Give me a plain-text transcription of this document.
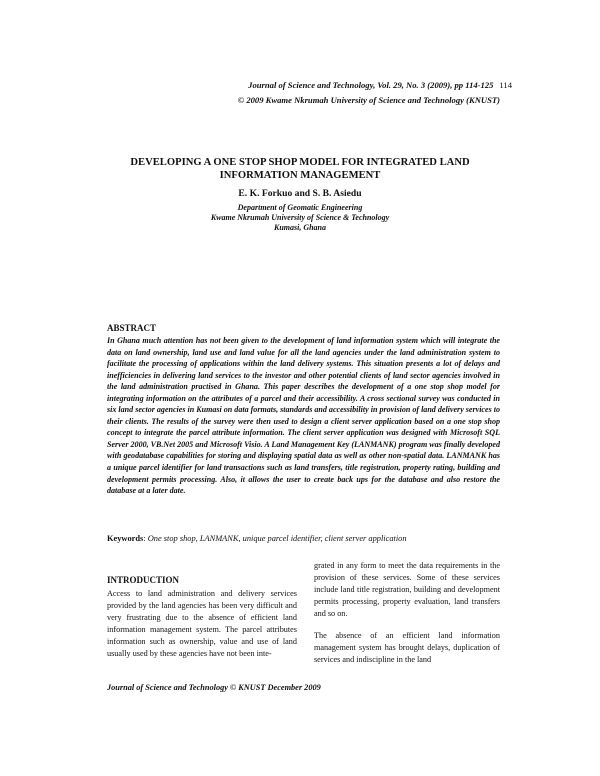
Journal of Science and Technology, Vol. 29, No. 3 (2009), pp 114-125 114
© 2009 Kwame Nkrumah University of Science and Technology (KNUST)
DEVELOPING A ONE STOP SHOP MODEL FOR INTEGRATED LAND INFORMATION MANAGEMENT
E. K. Forkuo and S. B. Asiedu
Department of Geomatic Engineering
Kwame Nkrumah University of Science & Technology
Kumasi, Ghana
ABSTRACT
In Ghana much attention has not been given to the development of land information system which will integrate the data on land ownership, land use and land value for all the land agencies under the land administration system to facilitate the processing of applications within the land delivery systems. This situation presents a lot of delays and inefficiencies in delivering land services to the investor and other potential clients of land sector agencies involved in the land administration practised in Ghana. This paper describes the development of a one stop shop model for integrating information on the attributes of a parcel and their accessibility. A cross sectional survey was conducted in six land sector agencies in Kumasi on data formats, standards and accessibility in provision of land delivery services to their clients. The results of the survey were then used to design a client server application based on a one stop shop concept to integrate the parcel attribute information. The client server application was designed with Microsoft SQL Server 2000, VB.Net 2005 and Microsoft Visio. A Land Management Key (LANMANK) program was finally developed with geodatabase capabilities for storing and displaying spatial data as well as other non-spatial data. LANMANK has a unique parcel identifier for land transactions such as land transfers, title registration, property rating, building and development permits processing. Also, it allows the user to create back ups for the database and also restore the database at a later date.
Keywords: One stop shop, LANMANK, unique parcel identifier, client server application
INTRODUCTION
Access to land administration and delivery services provided by the land agencies has been very difficult and very frustrating due to the absence of efficient land information management system. The parcel attributes information such as ownership, value and use of land usually used by these agencies have not been inte-
grated in any form to meet the data requirements in the provision of these services. Some of these services include land title registration, building and development permits processing, property evaluation, land transfers and so on.
The absence of an efficient land information management system has brought delays, duplication of services and indiscipline in the land
Journal of Science and Technology © KNUST December 2009
